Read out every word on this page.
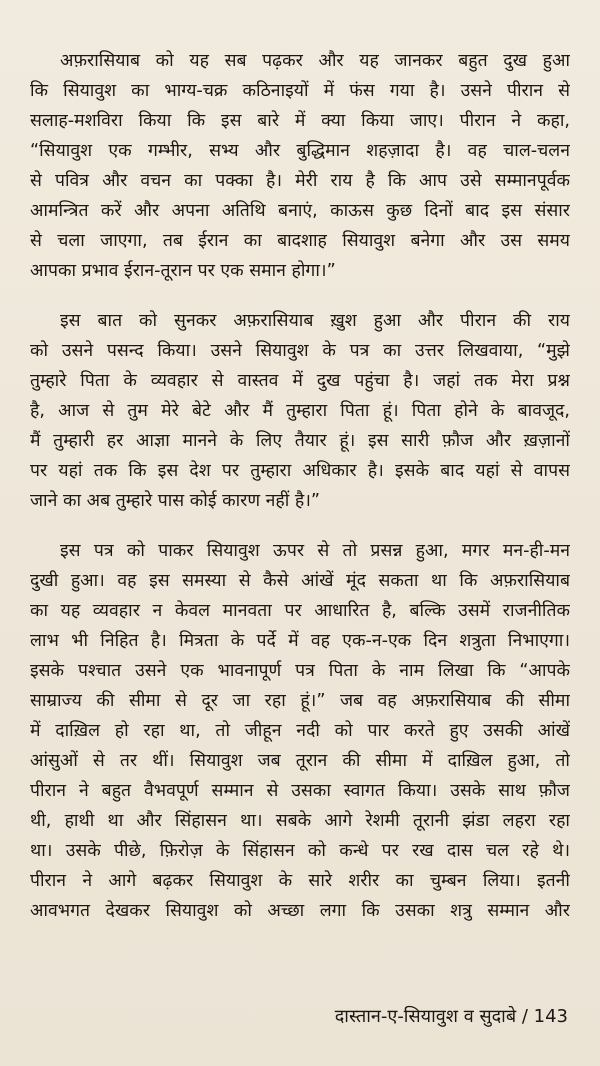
अफ़रासियाब को यह सब पढ़कर और यह जानकर बहुत दुख हुआ
कि सियावुश का भाग्य-चक्र कठिनाइयों में फंस गया है। उसने पीरान से
सलाह-मशविरा किया कि इस बारे में क्या किया जाए। पीरान ने कहा,
“सियावुश एक गम्भीर, सभ्य और बुद्धिमान शहज़ादा है। वह चाल-चलन
से पवित्र और वचन का पक्का है। मेरी राय है कि आप उसे सम्मानपूर्वक
आमन्त्रित करें और अपना अतिथि बनाएं, काऊस कुछ दिनों बाद इस संसार
से चला जाएगा, तब ईरान का बादशाह सियावुश बनेगा और उस समय
आपका प्रभाव ईरान-तूरान पर एक समान होगा।”
इस बात को सुनकर अफ़रासियाब ख़ुश हुआ और पीरान की राय
को उसने पसन्द किया। उसने सियावुश के पत्र का उत्तर लिखवाया, “मुझे
तुम्हारे पिता के व्यवहार से वास्तव में दुख पहुंचा है। जहां तक मेरा प्रश्न
है, आज से तुम मेरे बेटे और मैं तुम्हारा पिता हूं। पिता होने के बावजूद,
मैं तुम्हारी हर आज्ञा मानने के लिए तैयार हूं। इस सारी फ़ौज और ख़ज़ानों
पर यहां तक कि इस देश पर तुम्हारा अधिकार है। इसके बाद यहां से वापस
जाने का अब तुम्हारे पास कोई कारण नहीं है।”
इस पत्र को पाकर सियावुश ऊपर से तो प्रसन्न हुआ, मगर मन-ही-मन
दुखी हुआ। वह इस समस्या से कैसे आंखें मूंद सकता था कि अफ़रासियाब
का यह व्यवहार न केवल मानवता पर आधारित है, बल्कि उसमें राजनीतिक
लाभ भी निहित है। मित्रता के पर्दे में वह एक-न-एक दिन शत्रुता निभाएगा।
इसके पश्चात उसने एक भावनापूर्ण पत्र पिता के नाम लिखा कि “आपके
साम्राज्य की सीमा से दूर जा रहा हूं।” जब वह अफ़रासियाब की सीमा
में दाख़िल हो रहा था, तो जीहून नदी को पार करते हुए उसकी आंखें
आंसुओं से तर थीं। सियावुश जब तूरान की सीमा में दाख़िल हुआ, तो
पीरान ने बहुत वैभवपूर्ण सम्मान से उसका स्वागत किया। उसके साथ फ़ौज
थी, हाथी था और सिंहासन था। सबके आगे रेशमी तूरानी झंडा लहरा रहा
था। उसके पीछे, फ़िरोज़ के सिंहासन को कन्धे पर रख दास चल रहे थे।
पीरान ने आगे बढ़कर सियावुश के सारे शरीर का चुम्बन लिया। इतनी
आवभगत देखकर सियावुश को अच्छा लगा कि उसका शत्रु सम्मान और
दास्तान-ए-सियावुश व सुदाबे / 143
